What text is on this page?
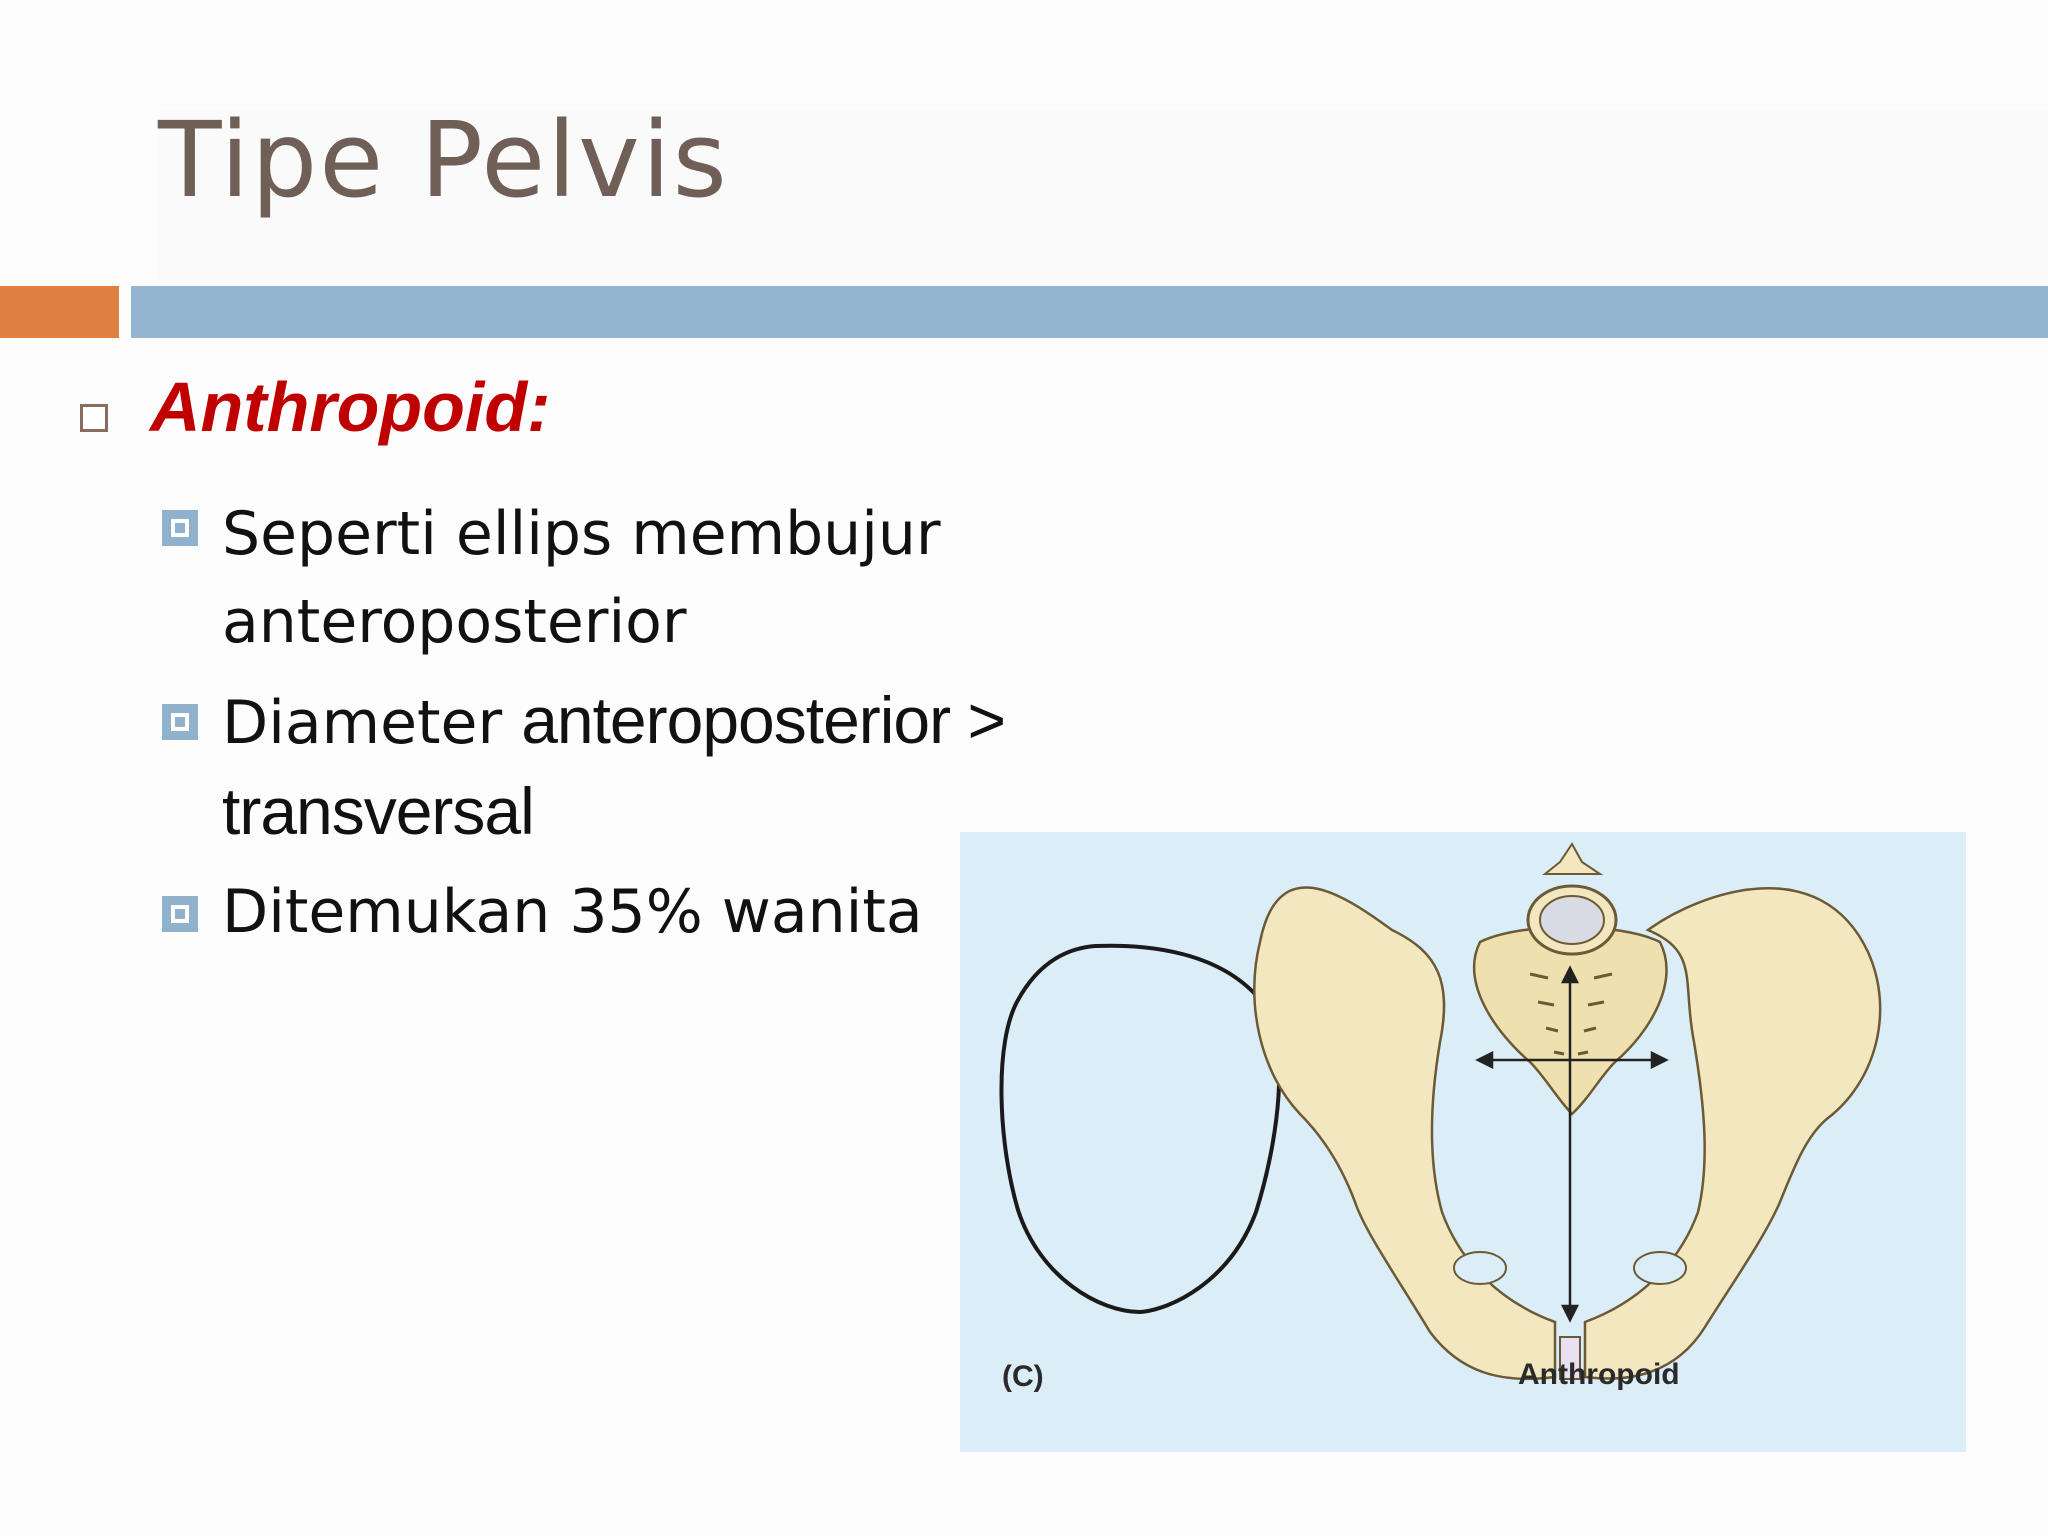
Tipe Pelvis
Anthropoid:
Seperti ellips membujur
anteroposterior
Diameter anteroposterior >
transversal
Ditemukan 35% wanita
(C)	Anthropoid
